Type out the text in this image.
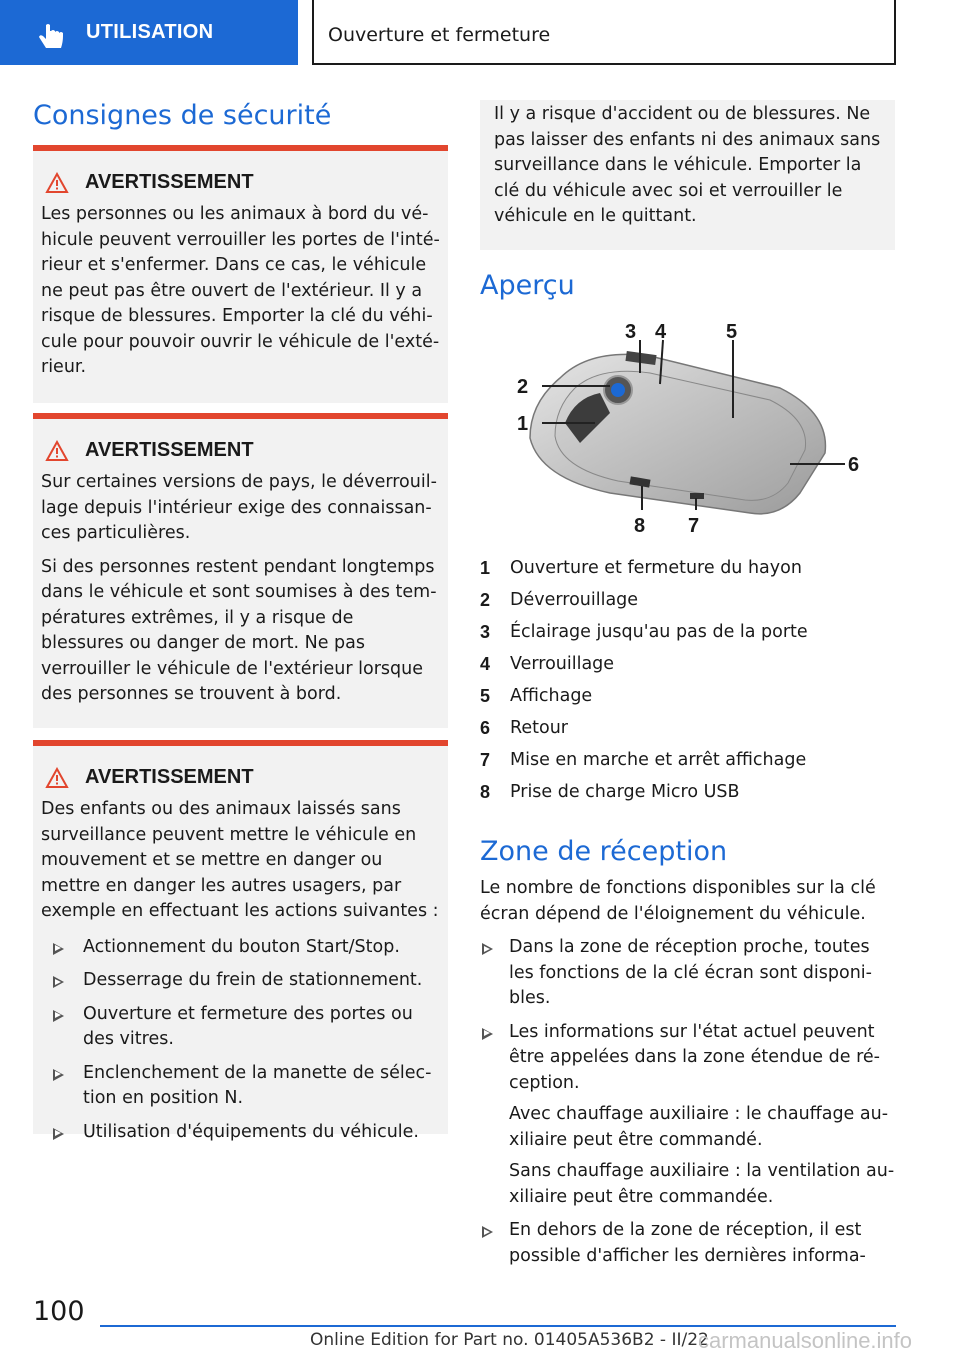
UTILISATION	Ouverture et fermeture
Consignes de sécurité
AVERTISSEMENT

Les personnes ou les animaux à bord du véhicule peuvent verrouiller les portes de l'intérieur et s'enfermer. Dans ce cas, le véhicule ne peut pas être ouvert de l'extérieur. Il y a risque de blessures. Emporter la clé du véhicule pour pouvoir ouvrir le véhicule de l'extérieur.

AVERTISSEMENT

Sur certaines versions de pays, le déverrouillage depuis l'intérieur exige des connaissances particulières.

Si des personnes restent pendant longtemps dans le véhicule et sont soumises à des températures extrêmes, il y a risque de blessures ou danger de mort. Ne pas verrouiller le véhicule de l'extérieur lorsque des personnes se trouvent à bord.

AVERTISSEMENT

Des enfants ou des animaux laissés sans surveillance peuvent mettre le véhicule en mouvement et se mettre en danger ou mettre en danger les autres usagers, par exemple en effectuant les actions suivantes :

Actionnement du bouton Start/Stop.
Desserrage du frein de stationnement.
Ouverture et fermeture des portes ou des vitres.
Enclenchement de la manette de sélection en position N.
Utilisation d'équipements du véhicule.

Il y a risque d'accident ou de blessures. Ne pas laisser des enfants ni des animaux sans surveillance dans le véhicule. Emporter la clé du véhicule avec soi et verrouiller le véhicule en le quittant.

Aperçu
3 4	5
2
1
6
8 7
1	Ouverture et fermeture du hayon
2	Déverrouillage
3	Éclairage jusqu'au pas de la porte
4	Verrouillage
5	Affichage
6	Retour
7	Mise en marche et arrêt affichage
8	Prise de charge Micro USB
Zone de réception

Le nombre de fonctions disponibles sur la clé écran dépend de l'éloignement du véhicule.

Dans la zone de réception proche, toutes les fonctions de la clé écran sont disponibles.
Les informations sur l'état actuel peuvent être appelées dans la zone étendue de réception.

Avec chauffage auxiliaire : le chauffage auxiliaire peut être commandé.

Sans chauffage auxiliaire : la ventilation auxiliaire peut être commandée.

En dehors de la zone de réception, il est possible d'afficher les dernières informa-
100
Online Edition for Part no. 01405A536B2 - II/22
carmanualsonline.info
